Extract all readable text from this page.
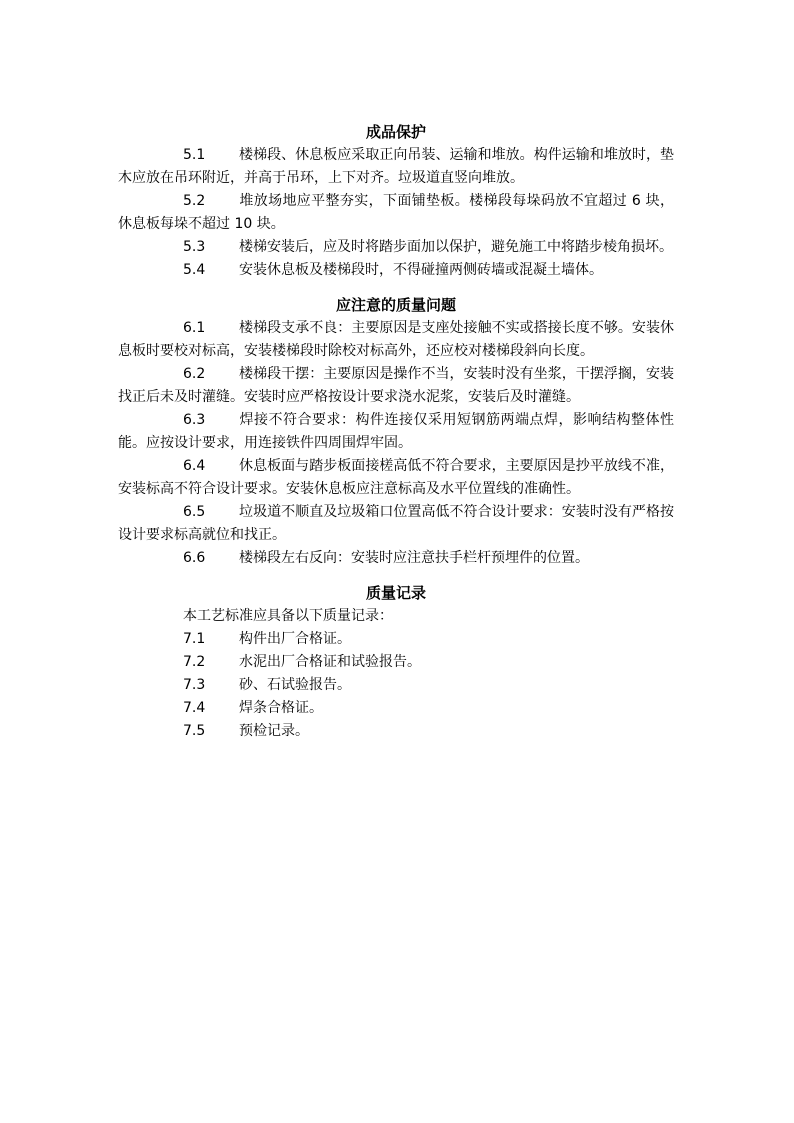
成品保护

5.1 楼梯段、休息板应采取正向吊装、运输和堆放。构件运输和堆放时，垫木应放在吊环附近，并高于吊环，上下对齐。垃圾道直竖向堆放。

5.2 堆放场地应平整夯实，下面铺垫板。楼梯段每垛码放不宜超过 6 块，休息板每垛不超过 10 块。

5.3 楼梯安装后，应及时将踏步面加以保护，避免施工中将踏步棱角损坏。

5.4 安装休息板及楼梯段时，不得碰撞两侧砖墙或混凝土墙体。

应注意的质量问题

6.1 楼梯段支承不良：主要原因是支座处接触不实或搭接长度不够。安装休息板时要校对标高，安装楼梯段时除校对标高外，还应校对楼梯段斜向长度。

6.2 楼梯段干摆：主要原因是操作不当，安装时没有坐浆，干摆浮搁，安装找正后未及时灌缝。安装时应严格按设计要求浇水泥浆，安装后及时灌缝。

6.3 焊接不符合要求：构件连接仅采用短钢筋两端点焊，影响结构整体性能。应按设计要求，用连接铁件四周围焊牢固。

6.4 休息板面与踏步板面接槎高低不符合要求，主要原因是抄平放线不准，安装标高不符合设计要求。安装休息板应注意标高及水平位置线的准确性。

6.5 垃圾道不顺直及垃圾箱口位置高低不符合设计要求：安装时没有严格按设计要求标高就位和找正。

6.6 楼梯段左右反向：安装时应注意扶手栏杆预埋件的位置。

质量记录

本工艺标准应具备以下质量记录：

7.1 构件出厂合格证。

7.2 水泥出厂合格证和试验报告。

7.3 砂、石试验报告。

7.4 焊条合格证。

7.5 预检记录。
